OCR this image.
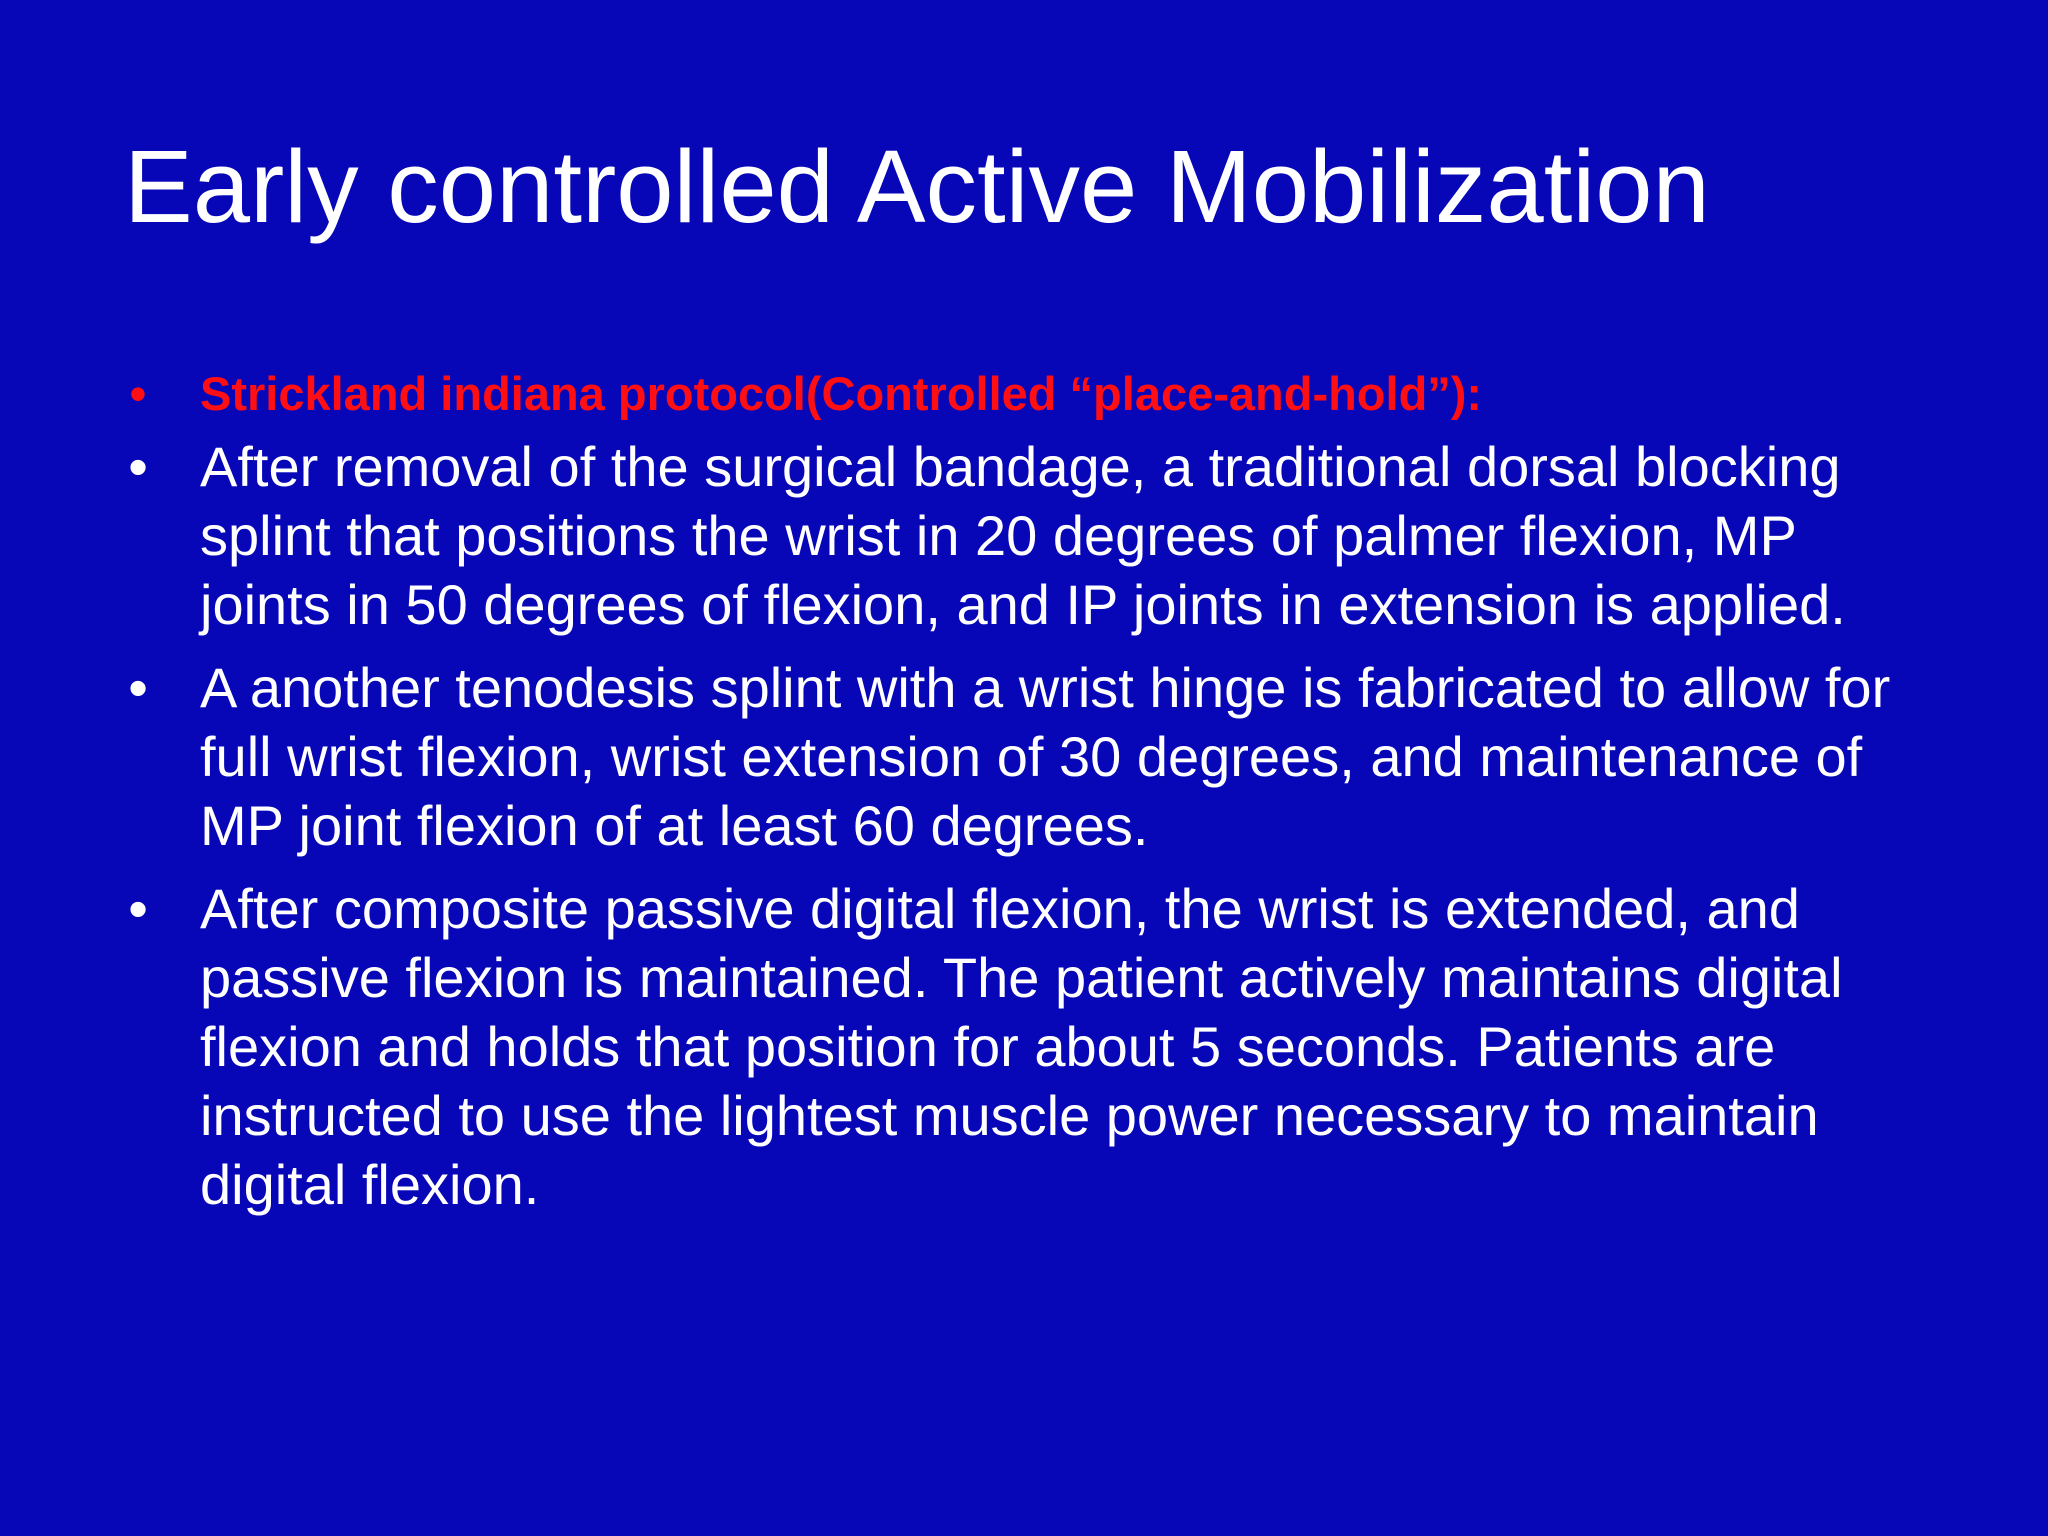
Early controlled Active Mobilization
• Strickland indiana protocol(Controlled “place-and-hold”):
• After removal of the surgical bandage, a traditional dorsal blocking splint that positions the wrist in 20 degrees of palmer flexion, MP joints in 50 degrees of flexion, and IP joints in extension is applied.
• A another tenodesis splint with a wrist hinge is fabricated to allow for full wrist flexion, wrist extension of 30 degrees, and maintenance of MP joint flexion of at least 60 degrees.
• After composite passive digital flexion, the wrist is extended, and passive flexion is maintained. The patient actively maintains digital flexion and holds that position for about 5 seconds. Patients are instructed to use the lightest muscle power necessary to maintain digital flexion.
